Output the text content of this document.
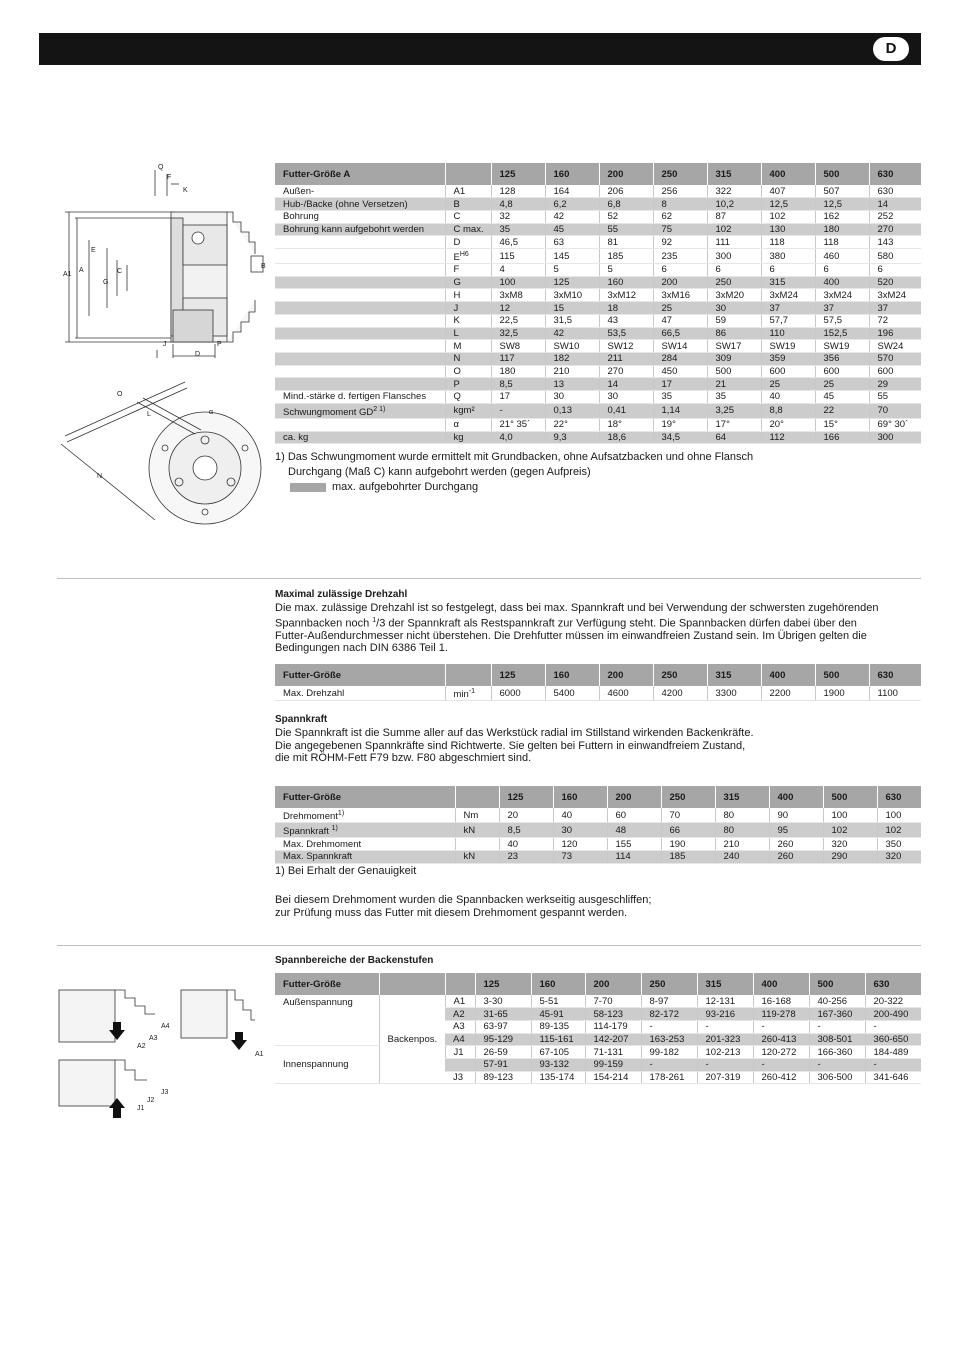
D
Q
F
K
E
A1
A
G
C
B
J	P
D
O
L
N
α
Futter-Größe A		125	160	200	250	315	400	500	630
Außen-	A1	128	164	206	256	322	407	507	630
Hub-/Backe (ohne Versetzen)	B	4,8	6,2	6,8	8	10,2	12,5	12,5	14
Bohrung	C	32	42	52	62	87	102	162	252
Bohrung kann aufgebohrt werden	C max.	35	45	55	75	102	130	180	270
	D	46,5	63	81	92	111	118	118	143
	$E^{H6}$	115	145	185	235	300	380	460	580
	F	4	5	5	6	6	6	6	6
	G	100	125	160	200	250	315	400	520
	H	3xM8	3xM10	3xM12	3xM16	3xM20	3xM24	3xM24	3xM24
	J	12	15	18	25	30	37	37	37
	K	22,5	31,5	43	47	59	57,7	57,5	72
	L	32,5	42	53,5	66,5	86	110	152,5	196
	M	SW8	SW10	SW12	SW14	SW17	SW19	SW19	SW24
	N	117	182	211	284	309	359	356	570
	O	180	210	270	450	500	600	600	600
	P	8,5	13	14	17	21	25	25	29
Mind.-stärke d. fertigen Flansches	Q	17	30	30	35	35	40	45	55
Schwungmoment $GD^{2 1)}$	kgm²	-	0,13	0,41	1,14	3,25	8,8	22	70
	α	21° 35´	22°	18°	19°	17°	20°	15°	69° 30´
ca. kg	kg	4,0	9,3	18,6	34,5	64	112	166	300
1) Das Schwungmoment wurde ermittelt mit Grundbacken, ohne Aufsatzbacken und ohne Flansch
Durchgang (Maß C) kann aufgebohrt werden (gegen Aufpreis)
max. aufgebohrter Durchgang
Maximal zulässige Drehzahl
Die max. zulässige Drehzahl ist so festgelegt, dass bei max. Spannkraft und bei Verwendung der schwersten zugehörenden
Spannbacken noch $^1$/3 der Spannkraft als Restspannkraft zur Verfügung steht. Die Spannbacken dürfen dabei über den
Futter-Außendurchmesser nicht überstehen. Die Drehfutter müssen im einwandfreien Zustand sein. Im Übrigen gelten die
Bedingungen nach DIN 6386 Teil 1.
Futter-Größe		125	160	200	250	315	400	500	630
Max. Drehzahl	$\min^{-1}$	6000	5400	4600	4200	3300	2200	1900	1100
Spannkraft
Die Spannkraft ist die Summe aller auf das Werkstück radial im Stillstand wirkenden Backenkräfte.
Die angegebenen Spannkräfte sind Richtwerte. Sie gelten bei Futtern in einwandfreiem Zustand,
die mit RÖHM-Fett F79 bzw. F80 abgeschmiert sind.
Futter-Größe		125	160	200	250	315	400	500	630
Drehmoment$^{1)}$	Nm	20	40	60	70	80	90	100	100
Spannkraft $^{1)}$	kN	8,5	30	48	66	80	95	102	102
Max. Drehmoment		40	120	155	190	210	260	320	350
Max. Spannkraft	kN	23	73	114	185	240	260	290	320
1) Bei Erhalt der Genauigkeit
Bei diesem Drehmoment wurden die Spannbacken werkseitig ausgeschliffen;
zur Prüfung muss das Futter mit diesem Drehmoment gespannt werden.
A4
A3
A2
A1
J3
J2
J1
Spannbereiche der Backenstufen
Futter-Größe			125	160	200	250	315	400	500	630
Außenspannung	Backenpos.	A1	3-30	5-51	7-70	8-97	12-131	16-168	40-256	20-322
		A2	31-65	45-91	58-123	82-172	93-216	119-278	167-360	200-490
		A3	63-97	89-135	114-179	-	-	-	-	-
		A4	95-129	115-161	142-207	163-253	201-323	260-413	308-501	360-650
Innenspannung		J1	26-59	67-105	71-131	99-182	102-213	120-272	166-360	184-489
			57-91	93-132	99-159	-	-	-	-	-
		J3	89-123	135-174	154-214	178-261	207-319	260-412	306-500	341-646
